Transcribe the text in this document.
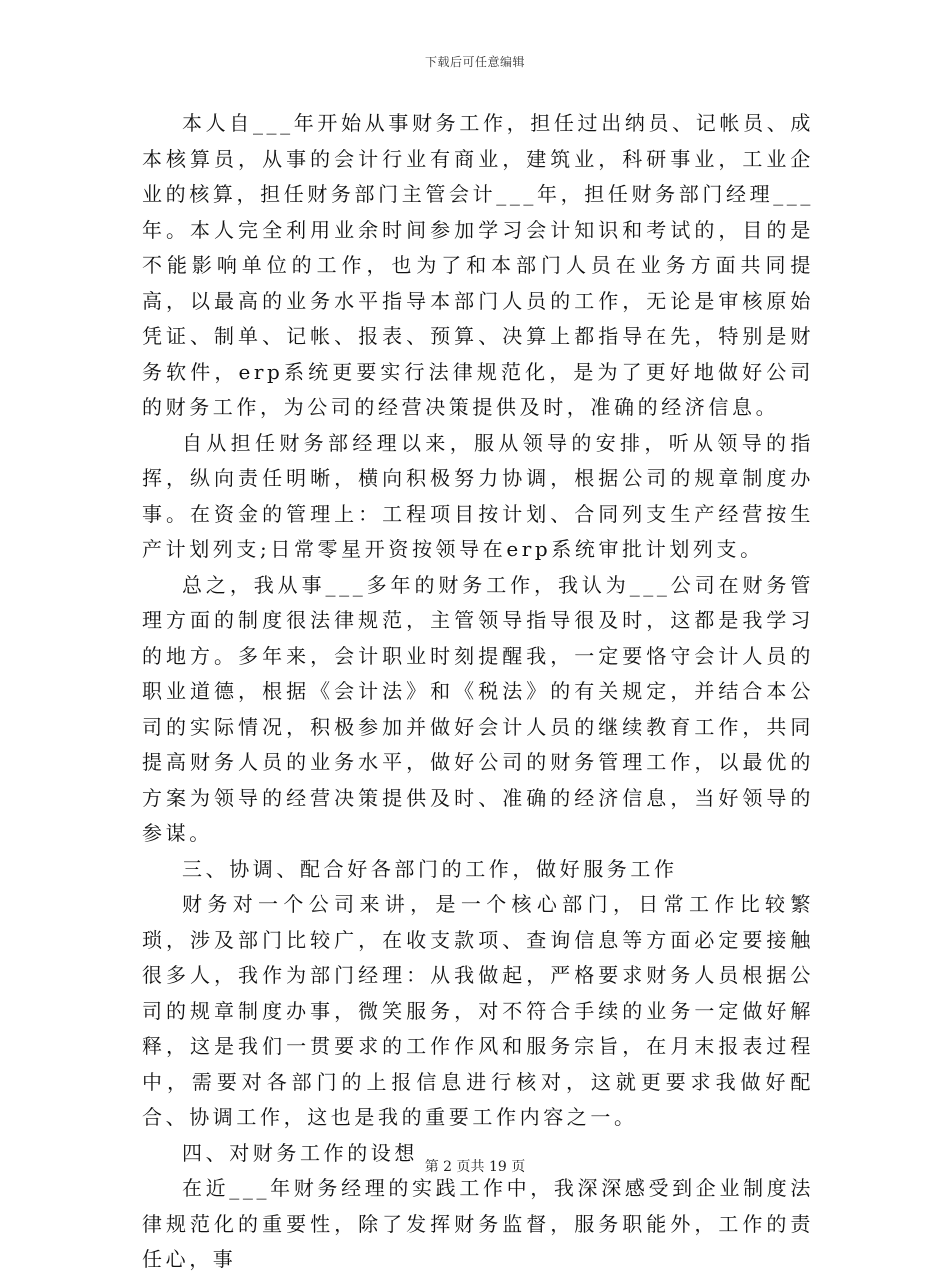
下载后可任意编辑

本人自___年开始从事财务工作，担任过出纳员、记帐员、成本核算员，从事的会计行业有商业，建筑业，科研事业，工业企业的核算，担任财务部门主管会计___年，担任财务部门经理___年。本人完全利用业余时间参加学习会计知识和考试的，目的是不能影响单位的工作，也为了和本部门人员在业务方面共同提高，以最高的业务水平指导本部门人员的工作，无论是审核原始凭证、制单、记帐、报表、预算、决算上都指导在先，特别是财务软件，erp系统更要实行法律规范化，是为了更好地做好公司的财务工作，为公司的经营决策提供及时，准确的经济信息。

自从担任财务部经理以来，服从领导的安排，听从领导的指挥，纵向责任明晰，横向积极努力协调，根据公司的规章制度办事。在资金的管理上：工程项目按计划、合同列支生产经营按生产计划列支;日常零星开资按领导在erp系统审批计划列支。

总之，我从事___多年的财务工作，我认为___公司在财务管理方面的制度很法律规范，主管领导指导很及时，这都是我学习的地方。多年来，会计职业时刻提醒我，一定要恪守会计人员的职业道德，根据《会计法》和《税法》的有关规定，并结合本公司的实际情况，积极参加并做好会计人员的继续教育工作，共同提高财务人员的业务水平，做好公司的财务管理工作，以最优的方案为领导的经营决策提供及时、准确的经济信息，当好领导的参谋。

三、协调、配合好各部门的工作，做好服务工作

财务对一个公司来讲，是一个核心部门，日常工作比较繁琐，涉及部门比较广，在收支款项、查询信息等方面必定要接触很多人，我作为部门经理：从我做起，严格要求财务人员根据公司的规章制度办事，微笑服务，对不符合手续的业务一定做好解释，这是我们一贯要求的工作作风和服务宗旨，在月末报表过程中，需要对各部门的上报信息进行核对，这就更要求我做好配合、协调工作，这也是我的重要工作内容之一。

四、对财务工作的设想

在近___年财务经理的实践工作中，我深深感受到企业制度法律规范化的重要性，除了发挥财务监督，服务职能外，工作的责任心，事

第 2 页共 19 页
